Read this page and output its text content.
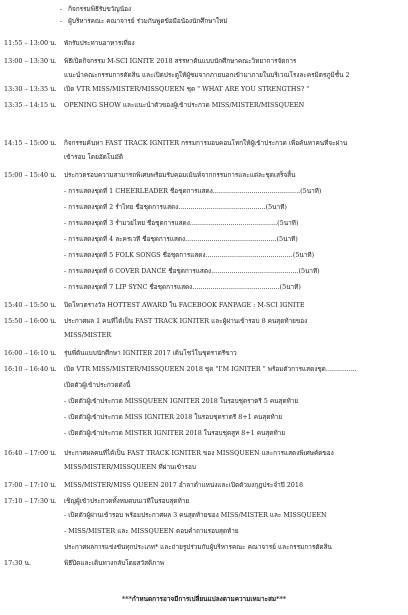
- กิจกรรมพิธีรับขวัญน้อง
- ผู้บริหารคณะ คณาจารย์ ร่วมกันพูดข้อมือน้องนักศึกษาใหม่
11:55 – 13:00 น. พักรับประทานอาหารเที่ยง
13:00 – 13:30 น. พิธีเปิดกิจกรรม M-SCI IGNITE 2018 สรรหาต้นแบบนักศึกษาคณะวิทยาการจัดการ
แนะนำคณะกรรมการตัดสิน และเปิดประตูให้ผู้ชมจากภายนอกเข้ามาภายในบริเวณโรงละครมิตรภูมิชั้น 2
13:30 – 13:35 น. เปิด VTR MISS/MISTER/MISSQUEEN ชุด " WHAT ARE YOU STRENGTHS? "
13:35 – 14:15 น. OPENING SHOW และแนะนำตัวของผู้เข้าประกวด MISS/MISTER/MISSQUEEN
14:15 – 15:00 น. กิจกรรมค้นหา FAST TRACK IGNITER กรรมการมอบคอนโทกให้ผู้เข้าประกวด เพื่อค้นหาคนที่จะผ่าน
เข้ารอบ โดยอัตโนมัติ
15:00 – 15:40 น. ประกวดรอบความสามารถพิเศษพร้อมรับคอมเม้นท์จากกรรมการและแต่ละชุดเสร็จสิ้น
- การแสดงชุดที่ 1 CHEERLEADER ชื่อชุดการแสดง...........................................(5นาที)
- การแสดงชุดที่ 2 รำไทย ชื่อชุดการแสดง...........................................(5นาที)
- การแสดงชุดที่ 3 รำมวยไทย ชื่อชุดการแสดง...........................................(5นาที)
- การแสดงชุดที่ 4 ละครเวที ชื่อชุดการแสดง.............................................(5นาที)
- การแสดงชุดที่ 5 FOLK SONGS ชื่อชุดการแสดง...........................................(5นาที)
- การแสดงชุดที่ 6 COVER DANCE ชื่อชุดการแสดง...........................................(5นาที)
- การแสดงชุดที่ 7 LIP SYNC ชื่อชุดการแสดง...........................................(5นาที)
15:40 – 15:50 น. ปิดโหวตรางวัล HOTTEST AWARD ใน FACEBOOK FANPAGE : M-SCI IGNITE
15:50 – 16:00 น. ประกาศผล 1 คนที่ได้เป็น FAST TRACK IGNITER และผู้ผ่านเข้ารอบ 8 คนสุดท้ายของ
MISS/MISTER
16:00 – 16:10 น. รุ่นพี่ต้นแบบนักศึกษา IGNITER 2017 เดินโชว์ในชุดราตรีขาว
16:10 – 16:40 น. เปิด VTR MISS/MISTER/MISSQUEEN 2018 ชุด "I'M IGNITER " พร้อมตัวการแสดงชุด...............
เปิดตัวผู้เข้าประกวดดังนี้
- เปิดตัวผู้เข้าประกวด MISSQUEEN IGNITER 2018 ในรอบชุดราตรี 5 คนสุดท้าย
- เปิดตัวผู้เข้าประกวด MISS IGNITER 2018 ในรอบชุดราตรี 8+1 คนสุดท้าย
- เปิดตัวผู้เข้าประกวด MISTER IGNITER 2018 ในรอบชุดสูท 8+1 คนสุดท้าย
16:40 – 17:00 น. ประกาศผลคนที่ได้เป็น FAST TRACK IGNITER ของ MISSQUEEN และการแสดงพิเศษคัดของ
MISS/MISTER/MISSQUEEN ที่ผ่านเข้ารอบ
17:00 – 17:10 น. MISS/MISTER/MISS QUEEN 2017 อำลาตำแหน่งและเปิดตัวมงกุฎประจำปี 2018
17:10 – 17:30 น. เชิญผู้เข้าประกวดทั้งหมดบนเวทีในรอบสุดท้าย
- เปิดตัวผู้ผ่านเข้ารอบ พร้อมประกาศผล 3 คนสุดท้ายของ MISS/MISTER และ MISSQUEEN
- MISS/MISTER และ MISSQUEEN ตอบคำถามรอบสุดท้าย
ประกาศผลการแข่งขันทุกประเภท* และถ่ายรูปร่วมกับผู้บริหารคณะ คณาจารย์ และกรรมการตัดสิน
17:30 น.	พิธีปิดและเดินทางกลับโดยสวัสดิภาพ
***กำหนดการอาจมีการเปลี่ยนแปลงตามความเหมาะสม***
